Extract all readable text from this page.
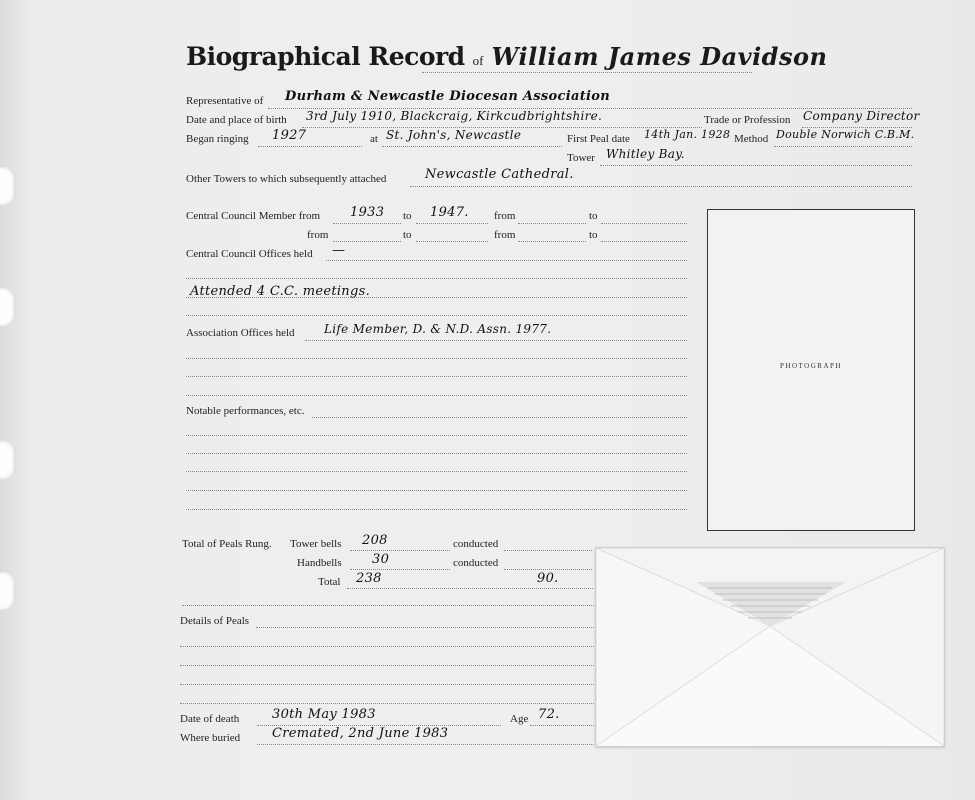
Biographical Record of William James Davidson
Representative of Durham & Newcastle Diocesan Association
Date and place of birth 3rd July 1910, Blackcraig, Kirkcudbrightshire.	Trade or Profession Company Director
Began ringing 1927	at St. John's, Newcastle	First Peal date 14th Jan. 1928 Method Double Norwich C.B.M.
Tower Whitley Bay.
Other Towers to which subsequently attached	Newcastle Cathedral.
Central Council Member from 1933 to 1947. from	to
from	to	from	to
Central Council Offices held —
Attended 4 C.C. meetings.
Association Offices held Life Member, D. & N.D. Assn. 1977.
Notable performances, etc.
PHOTOGRAPH
Total of Peals Rung. Tower bells 208	conducted
Handbells 30	conducted
Total 238	90.
Details of Peals
Date of death	30th May 1983	Age 72.
Where buried Cremated, 2nd June 1983
